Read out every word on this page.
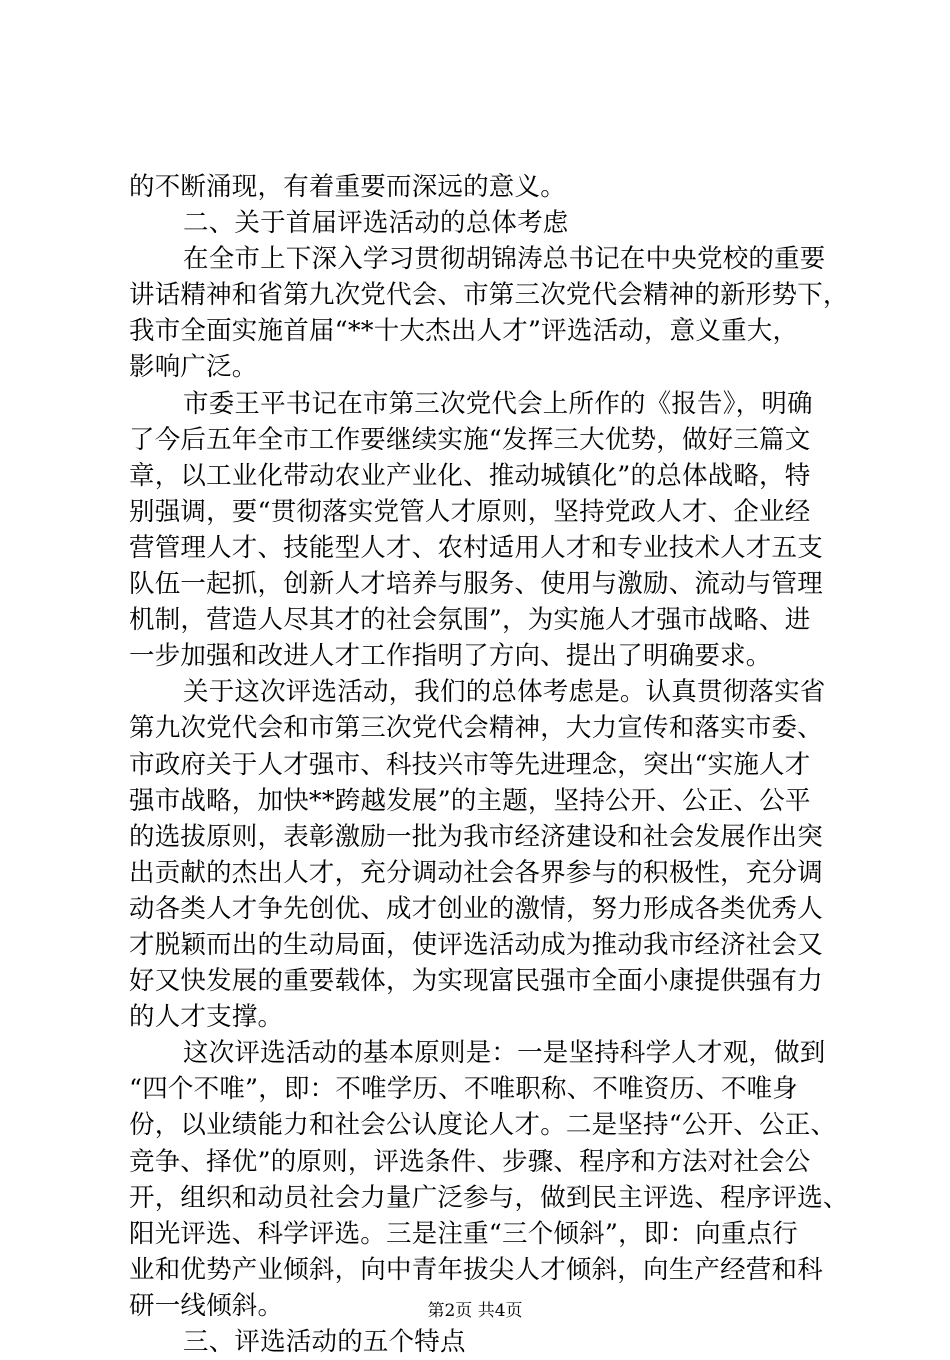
的不断涌现，有着重要而深远的意义。
二、关于首届评选活动的总体考虑
在全市上下深入学习贯彻胡锦涛总书记在中央党校的重要
讲话精神和省第九次党代会、市第三次党代会精神的新形势下，
我市全面实施首届“**十大杰出人才”评选活动，意义重大，
影响广泛。
市委王平书记在市第三次党代会上所作的《报告》，明确
了今后五年全市工作要继续实施“发挥三大优势，做好三篇文
章，以工业化带动农业产业化、推动城镇化”的总体战略，特
别强调，要“贯彻落实党管人才原则，坚持党政人才、企业经
营管理人才、技能型人才、农村适用人才和专业技术人才五支
队伍一起抓，创新人才培养与服务、使用与激励、流动与管理
机制，营造人尽其才的社会氛围”，为实施人才强市战略、进
一步加强和改进人才工作指明了方向、提出了明确要求。
关于这次评选活动，我们的总体考虑是。认真贯彻落实省
第九次党代会和市第三次党代会精神，大力宣传和落实市委、
市政府关于人才强市、科技兴市等先进理念，突出“实施人才
强市战略，加快**跨越发展”的主题，坚持公开、公正、公平
的选拔原则，表彰激励一批为我市经济建设和社会发展作出突
出贡献的杰出人才，充分调动社会各界参与的积极性，充分调
动各类人才争先创优、成才创业的激情，努力形成各类优秀人
才脱颖而出的生动局面，使评选活动成为推动我市经济社会又
好又快发展的重要载体，为实现富民强市全面小康提供强有力
的人才支撑。
这次评选活动的基本原则是：一是坚持科学人才观，做到
“四个不唯”，即：不唯学历、不唯职称、不唯资历、不唯身
份，以业绩能力和社会公认度论人才。二是坚持“公开、公正、
竞争、择优”的原则，评选条件、步骤、程序和方法对社会公
开，组织和动员社会力量广泛参与，做到民主评选、程序评选、
阳光评选、科学评选。三是注重“三个倾斜”，即：向重点行
业和优势产业倾斜，向中青年拔尖人才倾斜，向生产经营和科
研一线倾斜。
三、评选活动的五个特点
第2页 共4页
